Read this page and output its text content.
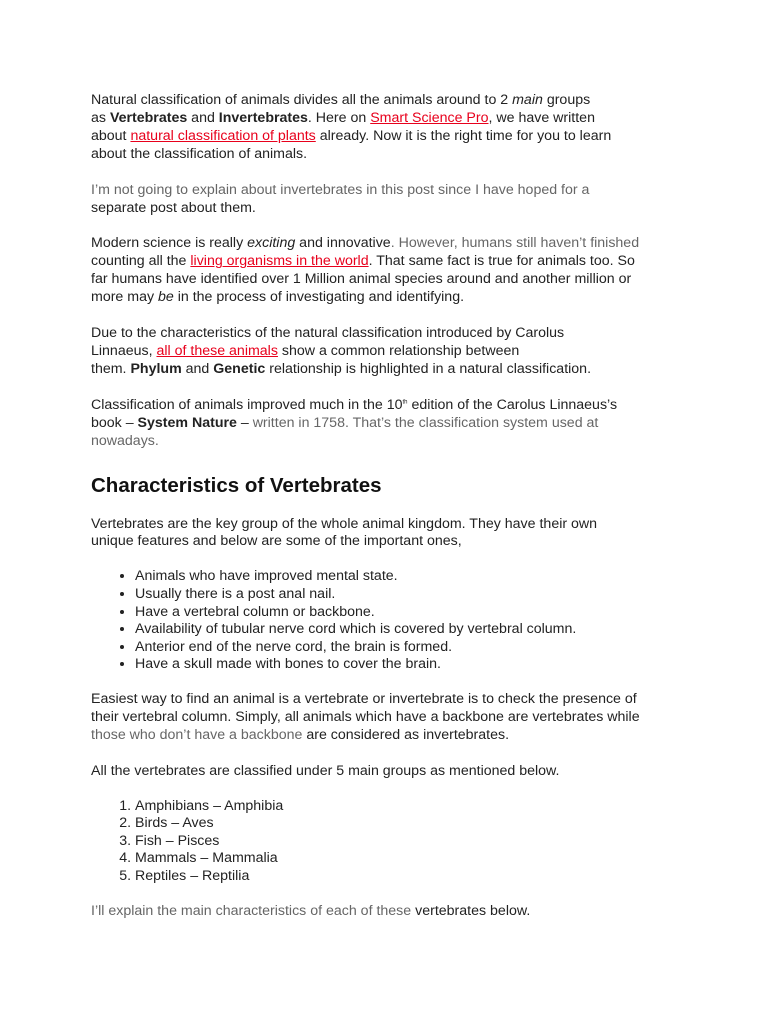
Natural classification of animals divides all the animals around to 2 main groups
as Vertebrates and Invertebrates. Here on Smart Science Pro, we have written
about natural classification of plants already. Now it is the right time for you to learn
about the classification of animals.

I’m not going to explain about invertebrates in this post since I have hoped for a
separate post about them.

Modern science is really exciting and innovative. However, humans still haven’t finished
counting all the living organisms in the world. That same fact is true for animals too. So
far humans have identified over 1 Million animal species around and another million or
more may be in the process of investigating and identifying.

Due to the characteristics of the natural classification introduced by Carolus
Linnaeus, all of these animals show a common relationship between
them. Phylum and Genetic relationship is highlighted in a natural classification.

Classification of animals improved much in the 10th edition of the Carolus Linnaeus’s
book – System Nature – written in 1758. That’s the classification system used at
nowadays.

Characteristics of Vertebrates

Vertebrates are the key group of the whole animal kingdom. They have their own
unique features and below are some of the important ones,

• Animals who have improved mental state.
• Usually there is a post anal nail.
• Have a vertebral column or backbone.
• Availability of tubular nerve cord which is covered by vertebral column.
• Anterior end of the nerve cord, the brain is formed.
• Have a skull made with bones to cover the brain.

Easiest way to find an animal is a vertebrate or invertebrate is to check the presence of
their vertebral column. Simply, all animals which have a backbone are vertebrates while
those who don’t have a backbone are considered as invertebrates.

All the vertebrates are classified under 5 main groups as mentioned below.

1. Amphibians – Amphibia
2. Birds – Aves
3. Fish – Pisces
4. Mammals – Mammalia
5. Reptiles – Reptilia

I’ll explain the main characteristics of each of these vertebrates below.
